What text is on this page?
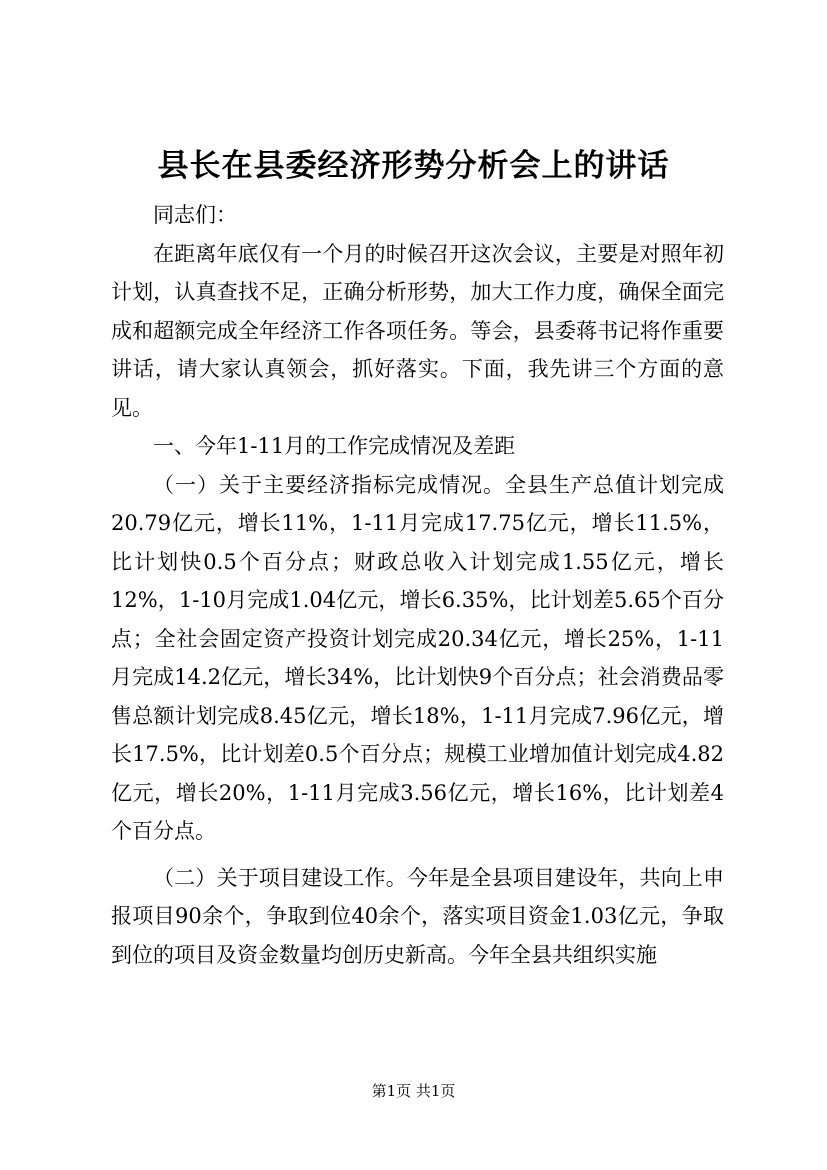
县长在县委经济形势分析会上的讲话

同志们：

在距离年底仅有一个月的时候召开这次会议，主要是对照年初计划，认真查找不足，正确分析形势，加大工作力度，确保全面完成和超额完成全年经济工作各项任务。等会，县委蒋书记将作重要讲话，请大家认真领会，抓好落实。下面，我先讲三个方面的意见。

一、今年1-11月的工作完成情况及差距

（一）关于主要经济指标完成情况。全县生产总值计划完成20.79亿元，增长11%，1-11月完成17.75亿元，增长11.5%，比计划快0.5个百分点；财政总收入计划完成1.55亿元，增长12%，1-10月完成1.04亿元，增长6.35%，比计划差5.65个百分点；全社会固定资产投资计划完成20.34亿元，增长25%，1-11月完成14.2亿元，增长34%，比计划快9个百分点；社会消费品零售总额计划完成8.45亿元，增长18%，1-11月完成7.96亿元，增长17.5%，比计划差0.5个百分点；规模工业增加值计划完成4.82亿元，增长20%，1-11月完成3.56亿元，增长16%，比计划差4个百分点。

（二）关于项目建设工作。今年是全县项目建设年，共向上申报项目90余个，争取到位40余个，落实项目资金1.03亿元，争取到位的项目及资金数量均创历史新高。今年全县共组织实施

第1页 共1页
